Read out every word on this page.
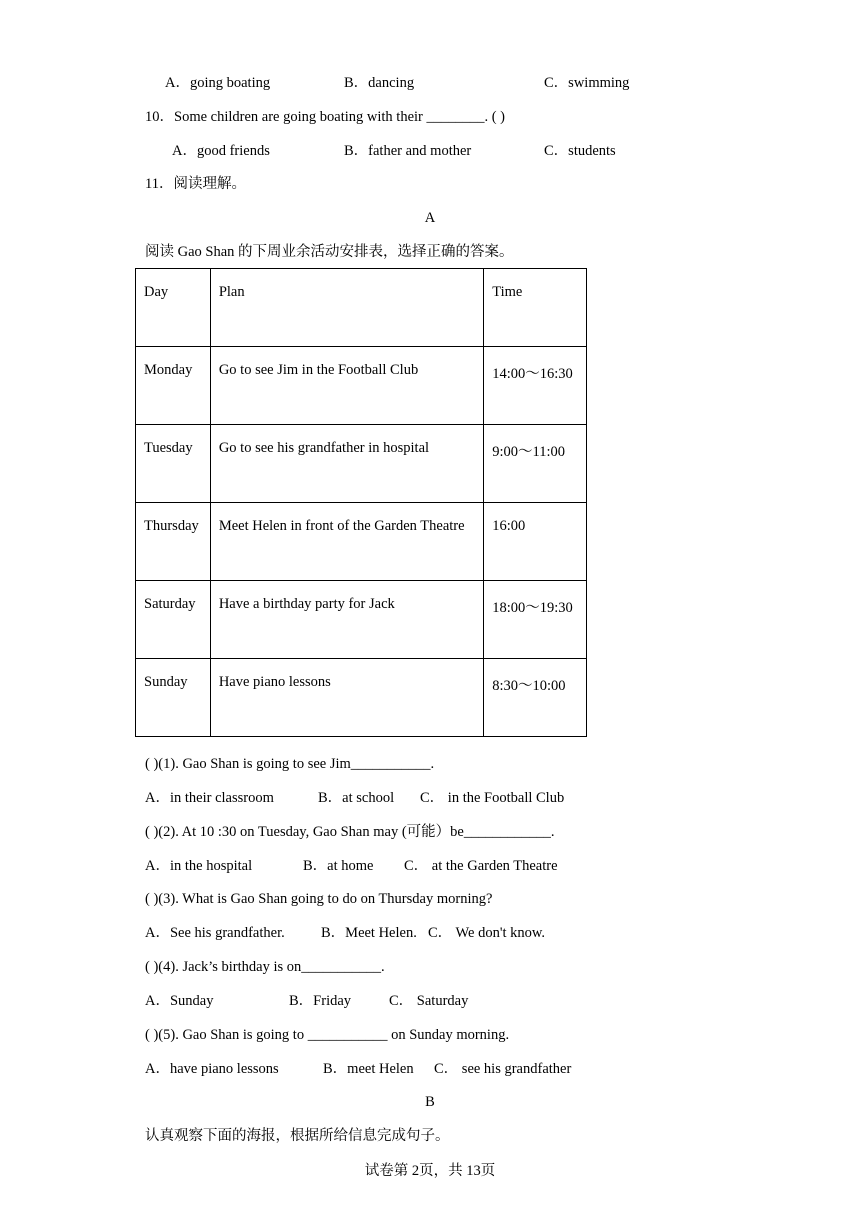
A．going boating	B．dancing	C．swimming
10．Some children are going boating with their ________. ( )
A．good friends	B．father and mother	C．students
11．阅读理解。
A
阅读 Gao Shan 的下周业余活动安排表，选择正确的答案。
Day	Plan	Time
Monday	Go to see Jim in the Football Club	14:00～16:30
Tuesday	Go to see his grandfather in hospital	9:00～11:00
Thursday	Meet Helen in front of the Garden Theatre	16:00
Saturday	Have a birthday party for Jack	18:00～19:30
Sunday	Have piano lessons	8:30～10:00
( )(1). Gao Shan is going to see Jim___________.
A．in their classroom	B．at school C． in the Football Club
( )(2). At 10 :30 on Tuesday, Gao Shan may (可能）be____________.
A．in the hospital	B．at home C． at the Garden Theatre
( )(3). What is Gao Shan going to do on Thursday morning?
A．See his grandfather.	B．Meet Helen. C． We don't know.
( )(4). Jack’s birthday is on___________.
A．Sunday	B．Friday	C． Saturday
( )(5). Gao Shan is going to ___________ on Sunday morning.
A．have piano lessons	B．meet Helen C． see his grandfather
B
认真观察下面的海报，根据所给信息完成句子。
试卷第 2页，共 13页
